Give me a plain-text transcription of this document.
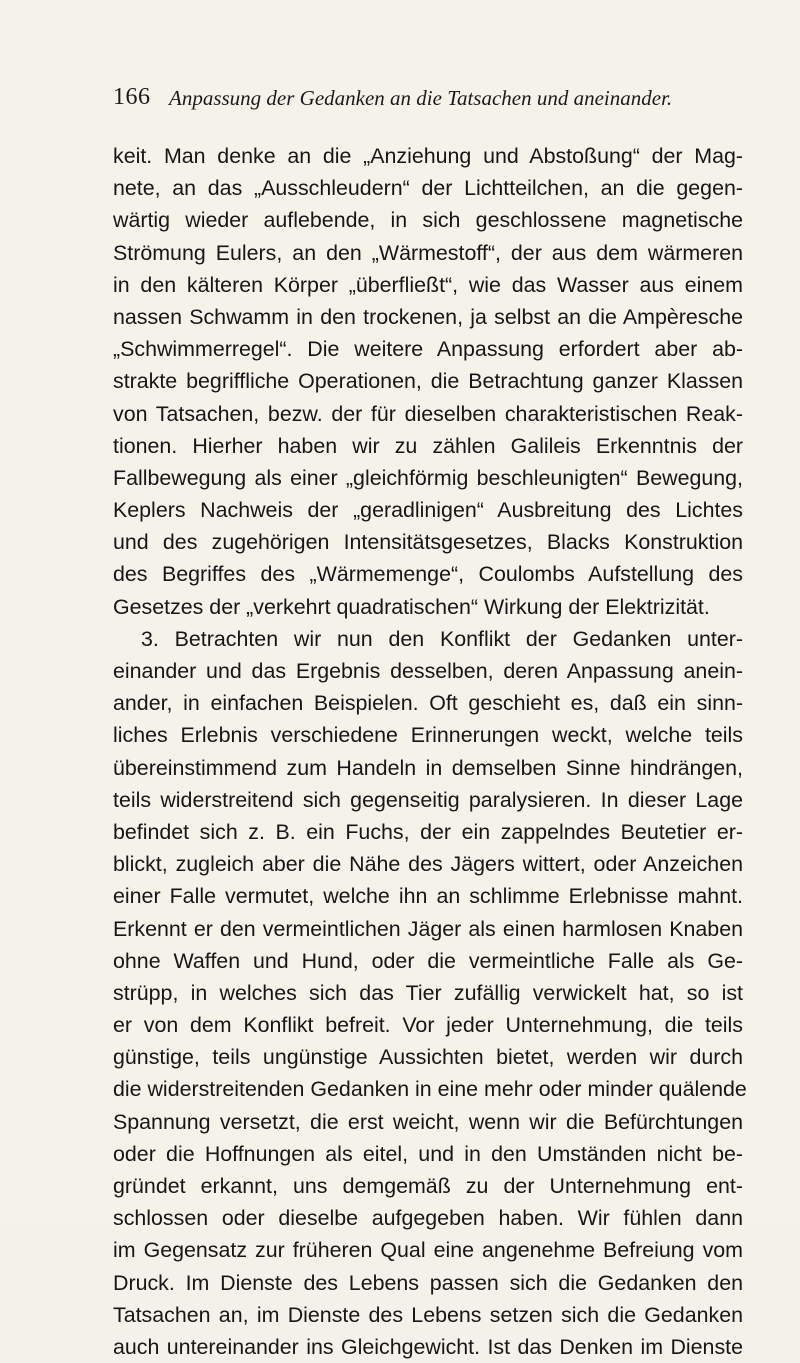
166 Anpassung der Gedanken an die Tatsachen und aneinander.
keit. Man denke an die „Anziehung und Abstoßung“ der Mag-
nete, an das „Ausschleudern“ der Lichtteilchen, an die gegen-
wärtig wieder auflebende, in sich geschlossene magnetische
Strömung Eulers, an den „Wärmestoff“, der aus dem wärmeren
in den kälteren Körper „überfließt“, wie das Wasser aus einem
nassen Schwamm in den trockenen, ja selbst an die Ampèresche
„Schwimmerregel“. Die weitere Anpassung erfordert aber ab-
strakte begriffliche Operationen, die Betrachtung ganzer Klassen
von Tatsachen, bezw. der für dieselben charakteristischen Reak-
tionen. Hierher haben wir zu zählen Galileis Erkenntnis der
Fallbewegung als einer „gleichförmig beschleunigten“ Bewegung,
Keplers Nachweis der „geradlinigen“ Ausbreitung des Lichtes
und des zugehörigen Intensitätsgesetzes, Blacks Konstruktion
des Begriffes des „Wärmemenge“, Coulombs Aufstellung des
Gesetzes der „verkehrt quadratischen“ Wirkung der Elektrizität.
3. Betrachten wir nun den Konflikt der Gedanken unter-
einander und das Ergebnis desselben, deren Anpassung anein-
ander, in einfachen Beispielen. Oft geschieht es, daß ein sinn-
liches Erlebnis verschiedene Erinnerungen weckt, welche teils
übereinstimmend zum Handeln in demselben Sinne hindrängen,
teils widerstreitend sich gegenseitig paralysieren. In dieser Lage
befindet sich z. B. ein Fuchs, der ein zappelndes Beutetier er-
blickt, zugleich aber die Nähe des Jägers wittert, oder Anzeichen
einer Falle vermutet, welche ihn an schlimme Erlebnisse mahnt.
Erkennt er den vermeintlichen Jäger als einen harmlosen Knaben
ohne Waffen und Hund, oder die vermeintliche Falle als Ge-
strüpp, in welches sich das Tier zufällig verwickelt hat, so ist
er von dem Konflikt befreit. Vor jeder Unternehmung, die teils
günstige, teils ungünstige Aussichten bietet, werden wir durch
die widerstreitenden Gedanken in eine mehr oder minder quälende
Spannung versetzt, die erst weicht, wenn wir die Befürchtungen
oder die Hoffnungen als eitel, und in den Umständen nicht be-
gründet erkannt, uns demgemäß zu der Unternehmung ent-
schlossen oder dieselbe aufgegeben haben. Wir fühlen dann
im Gegensatz zur früheren Qual eine angenehme Befreiung vom
Druck. Im Dienste des Lebens passen sich die Gedanken den
Tatsachen an, im Dienste des Lebens setzen sich die Gedanken
auch untereinander ins Gleichgewicht. Ist das Denken im Dienste
